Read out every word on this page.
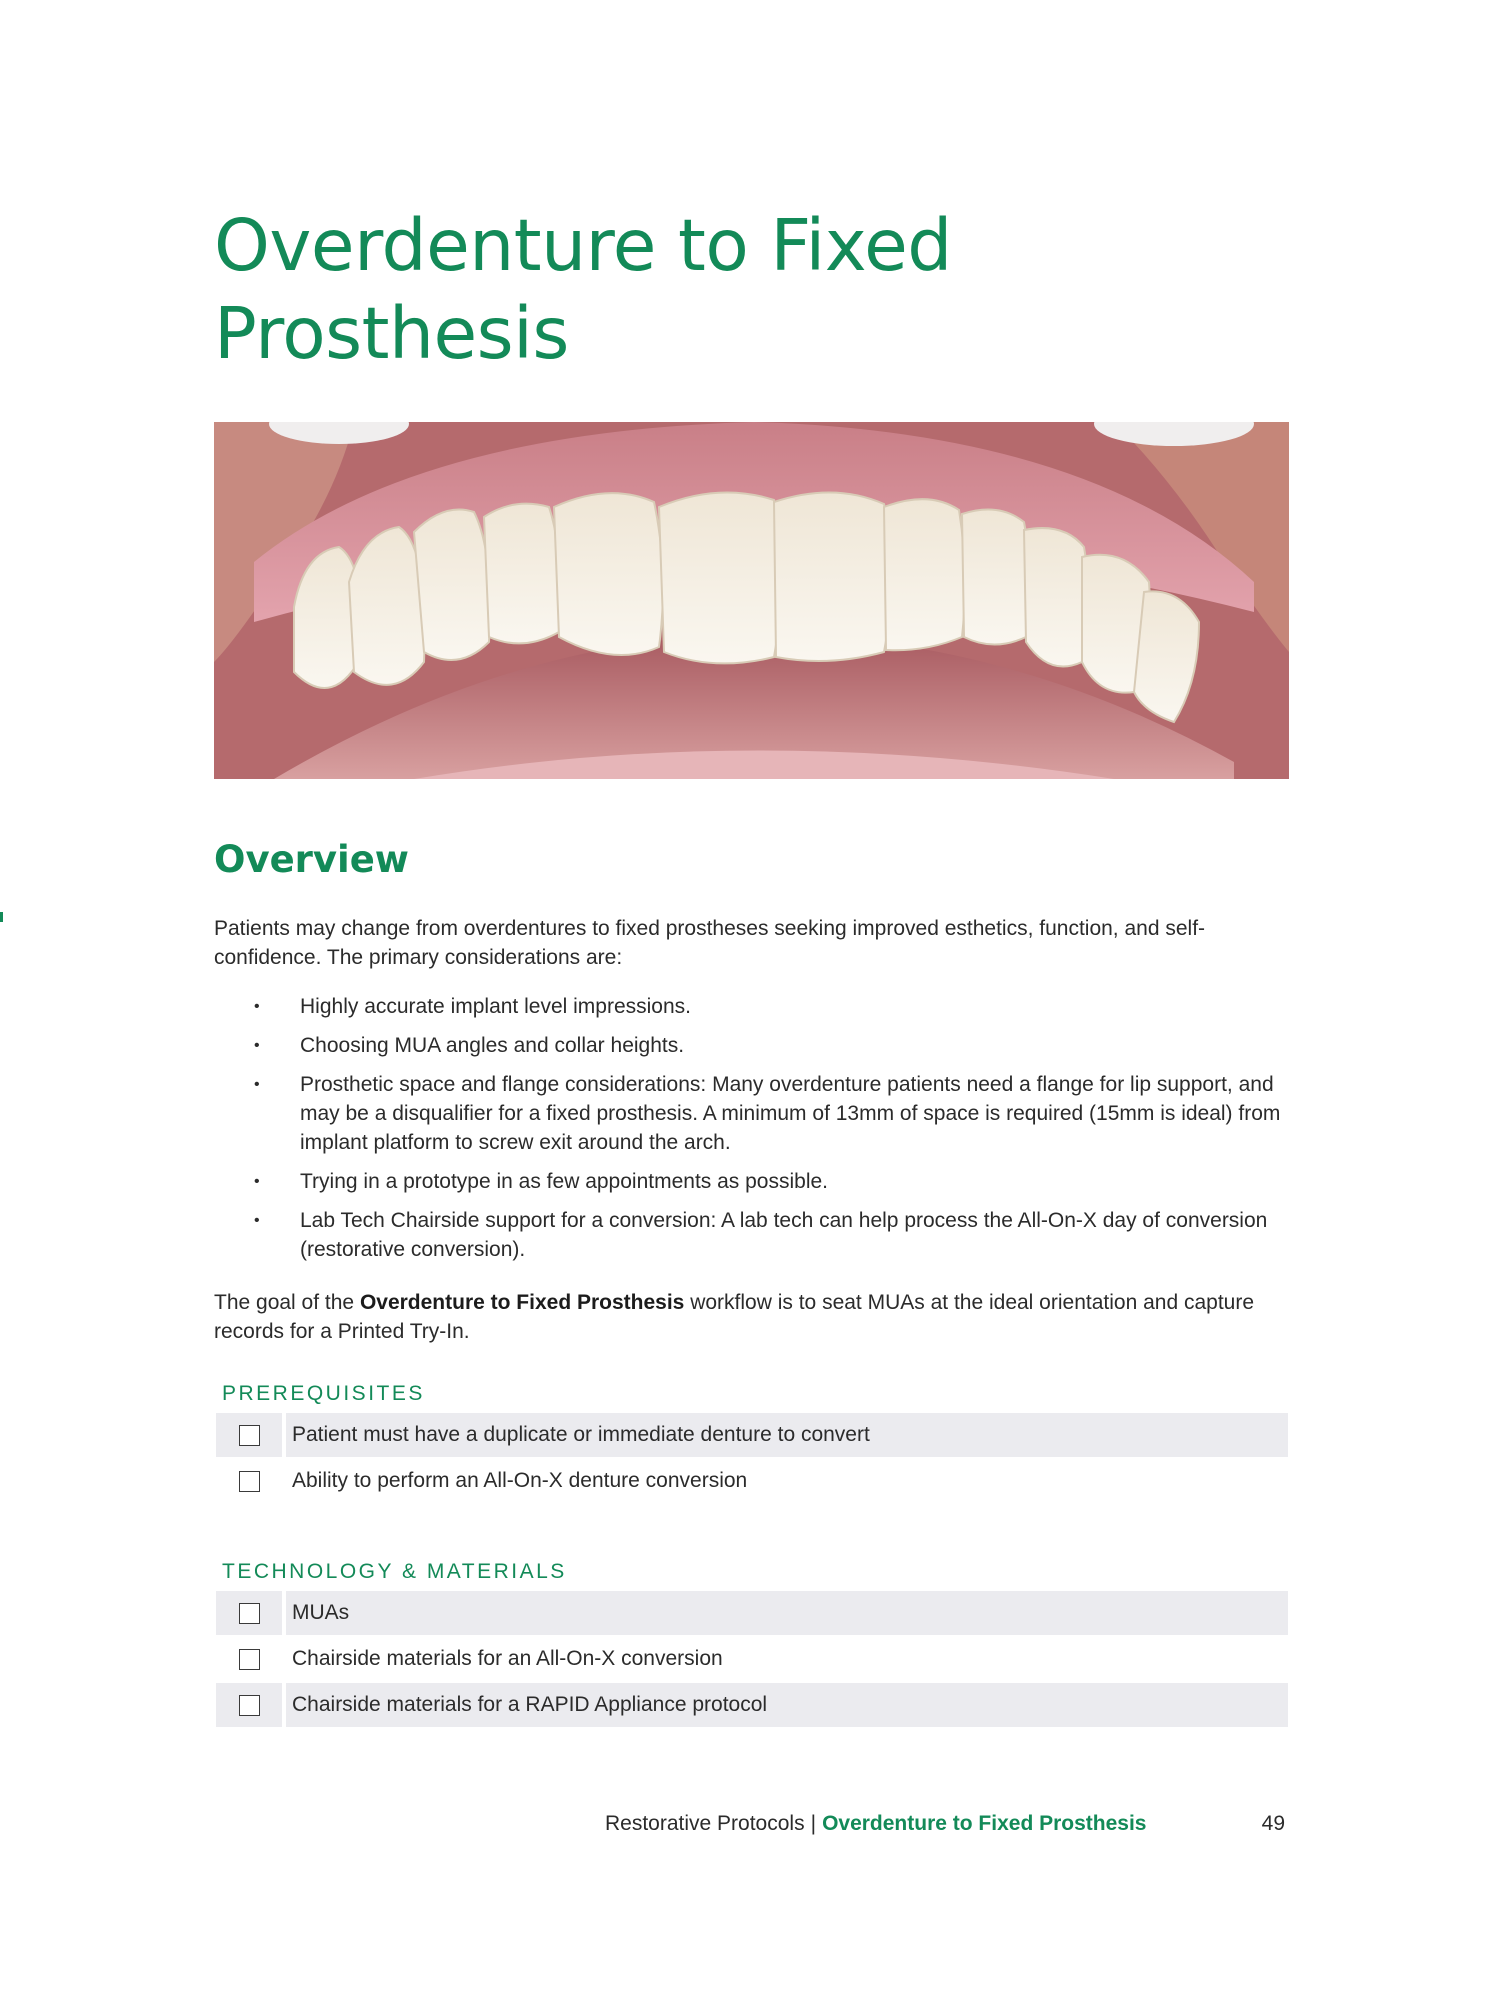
Overdenture to Fixed Prosthesis
Overview

Patients may change from overdentures to fixed prostheses seeking improved esthetics, function, and self-confidence. The primary considerations are:

• Highly accurate implant level impressions.
• Choosing MUA angles and collar heights.
• Prosthetic space and flange considerations: Many overdenture patients need a flange for lip support, and may be a disqualifier for a fixed prosthesis. A minimum of 13mm of space is required (15mm is ideal) from implant platform to screw exit around the arch.
• Trying in a prototype in as few appointments as possible.
• Lab Tech Chairside support for a conversion: A lab tech can help process the All-On-X day of conversion (restorative conversion).

The goal of the Overdenture to Fixed Prosthesis workflow is to seat MUAs at the ideal orientation and capture records for a Printed Try-In.

PREREQUISITES
Patient must have a duplicate or immediate denture to convert
Ability to perform an All-On-X denture conversion
TECHNOLOGY & MATERIALS
MUAs
Chairside materials for an All-On-X conversion
Chairside materials for a RAPID Appliance protocol
Restorative Protocols | Overdenture to Fixed Prosthesis	49
